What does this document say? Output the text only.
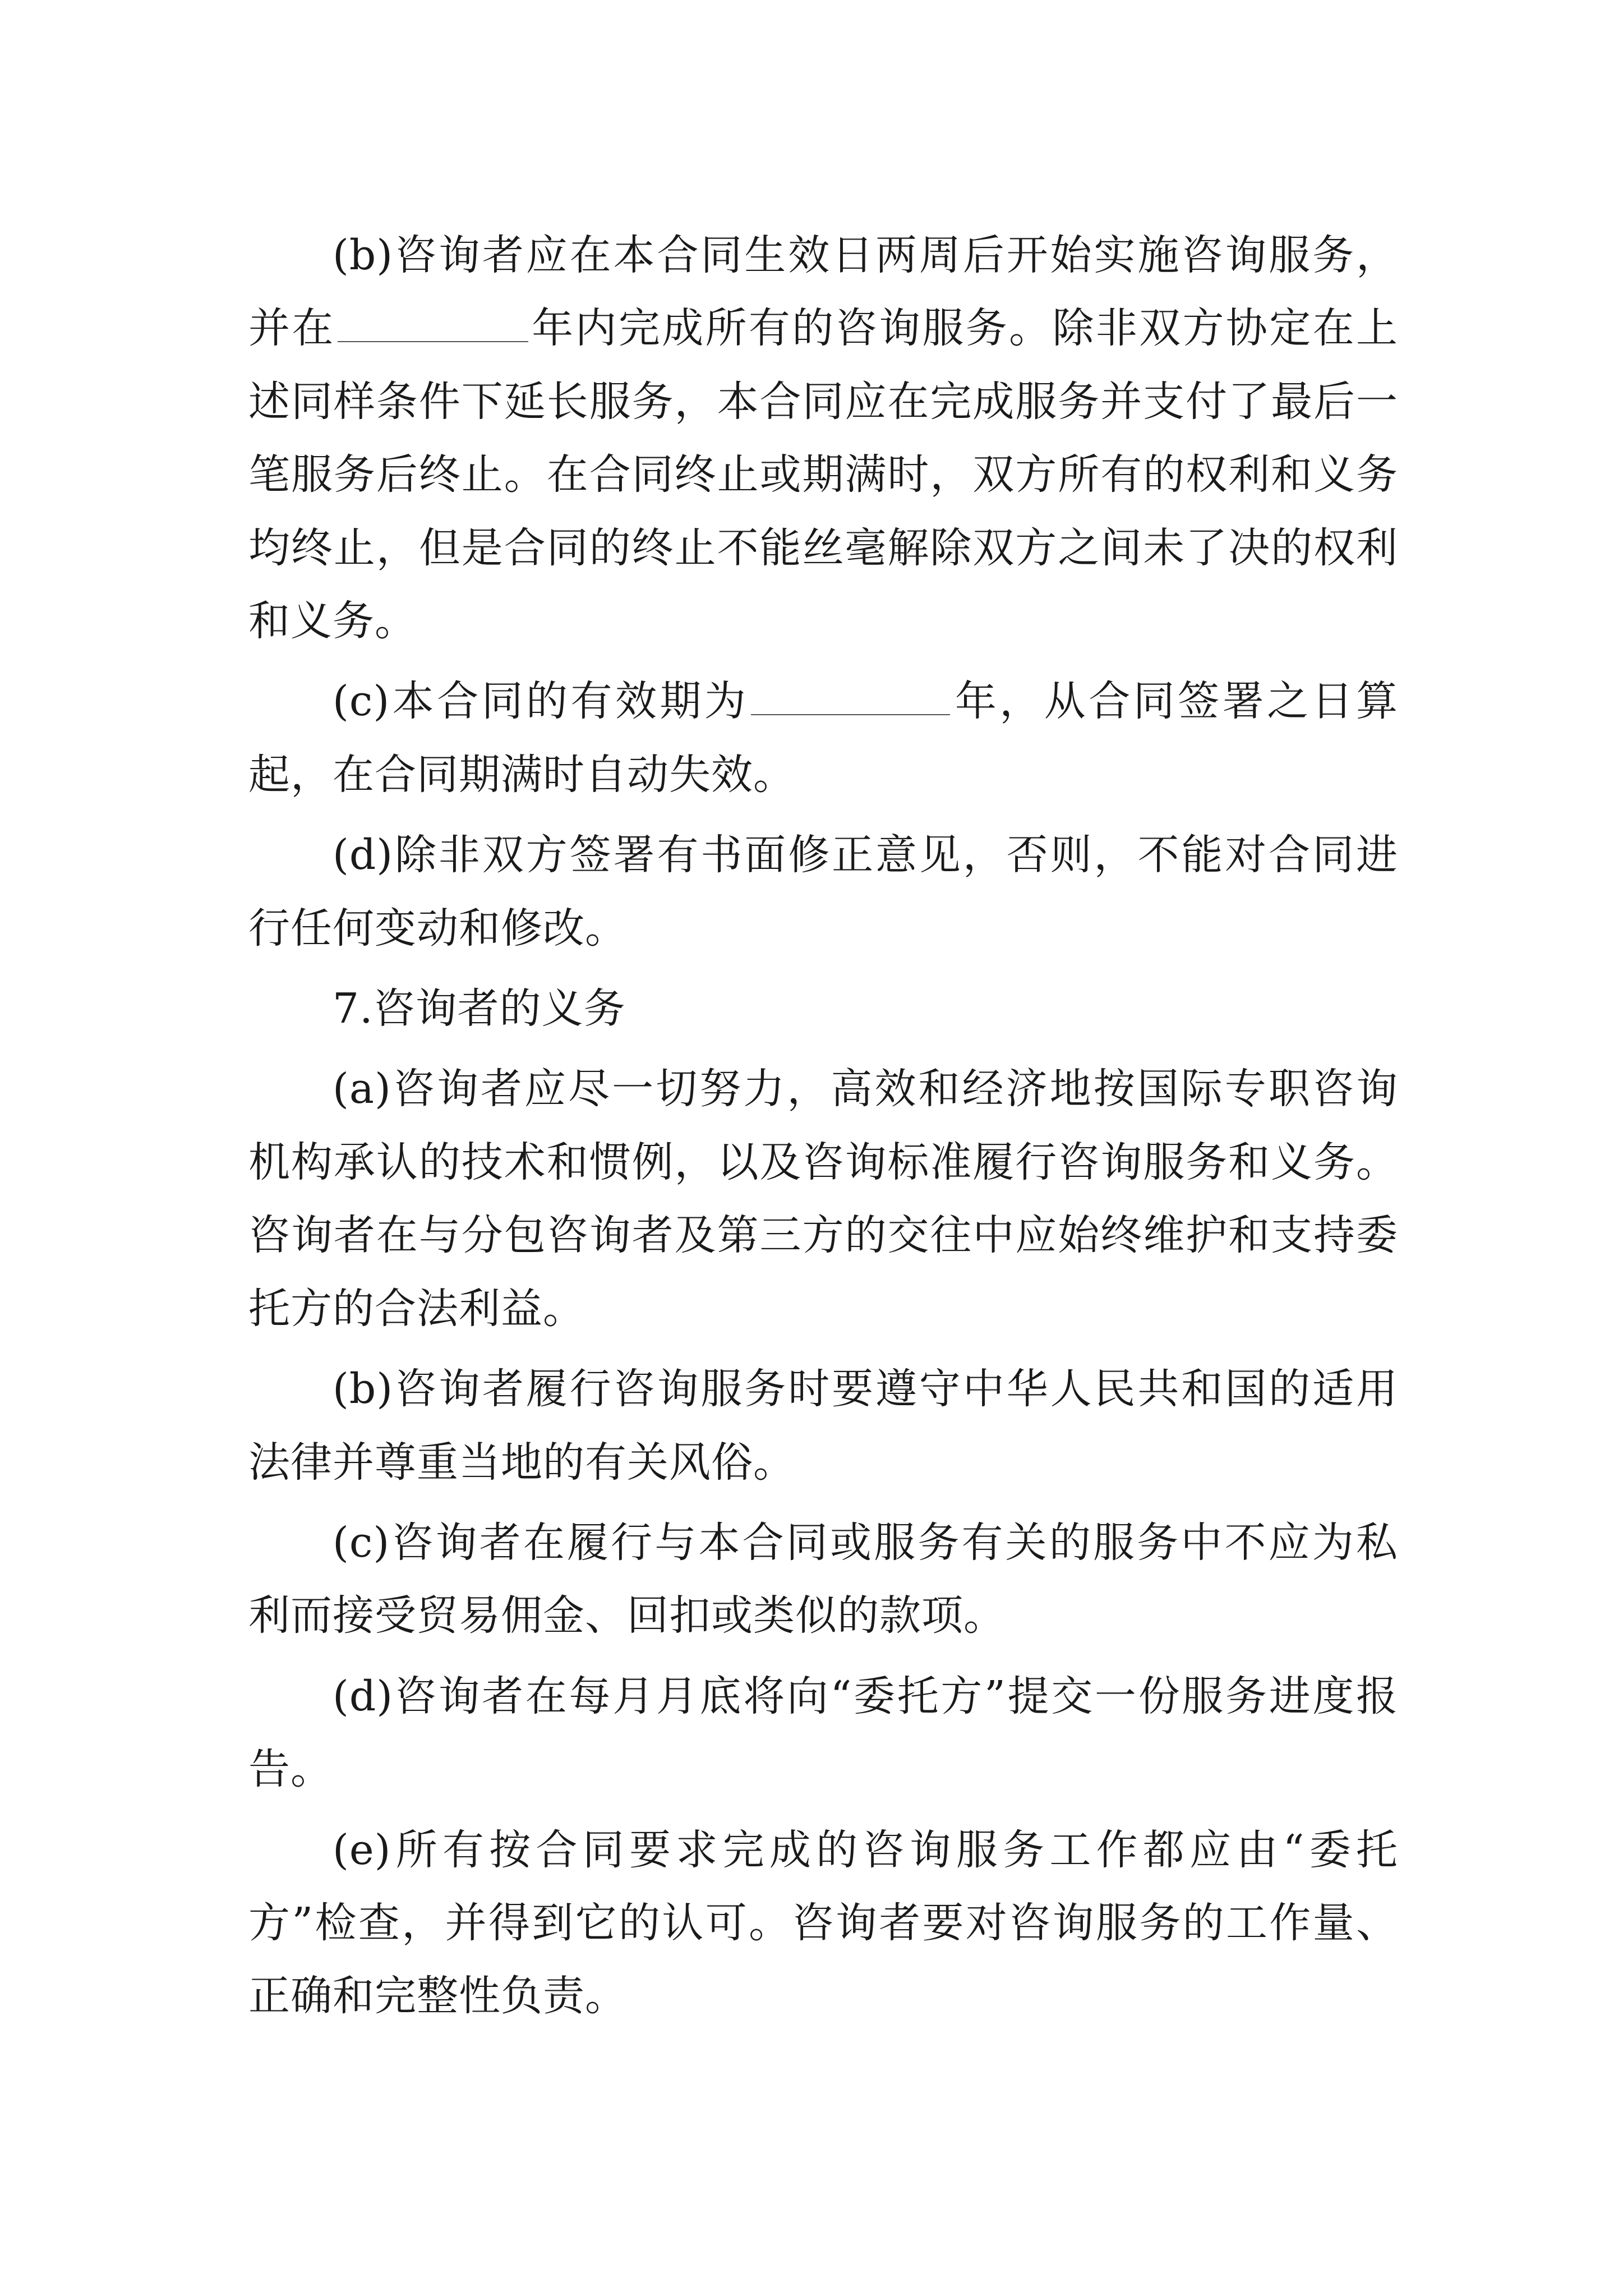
(b)咨询者应在本合同生效日两周后开始实施咨询服务，并在	年内完成所有的咨询服务。除非双方协定在上述同样条件下延长服务，本合同应在完成服务并支付了最后一笔服务后终止。在合同终止或期满时，双方所有的权利和义务均终止，但是合同的终止不能丝毫解除双方之间未了决的权利和义务。

(c)本合同的有效期为	年，从合同签署之日算起，在合同期满时自动失效。

(d)除非双方签署有书面修正意见，否则，不能对合同进行任何变动和修改。

7.咨询者的义务

(a)咨询者应尽一切努力，高效和经济地按国际专职咨询机构承认的技术和惯例，以及咨询标准履行咨询服务和义务。咨询者在与分包咨询者及第三方的交往中应始终维护和支持委托方的合法利益。

(b)咨询者履行咨询服务时要遵守中华人民共和国的适用法律并尊重当地的有关风俗。

(c)咨询者在履行与本合同或服务有关的服务中不应为私利而接受贸易佣金、回扣或类似的款项。

(d)咨询者在每月月底将向“委托方”提交一份服务进度报告。

(e)所有按合同要求完成的咨询服务工作都应由“委托方”检查，并得到它的认可。咨询者要对咨询服务的工作量、正确和完整性负责。
